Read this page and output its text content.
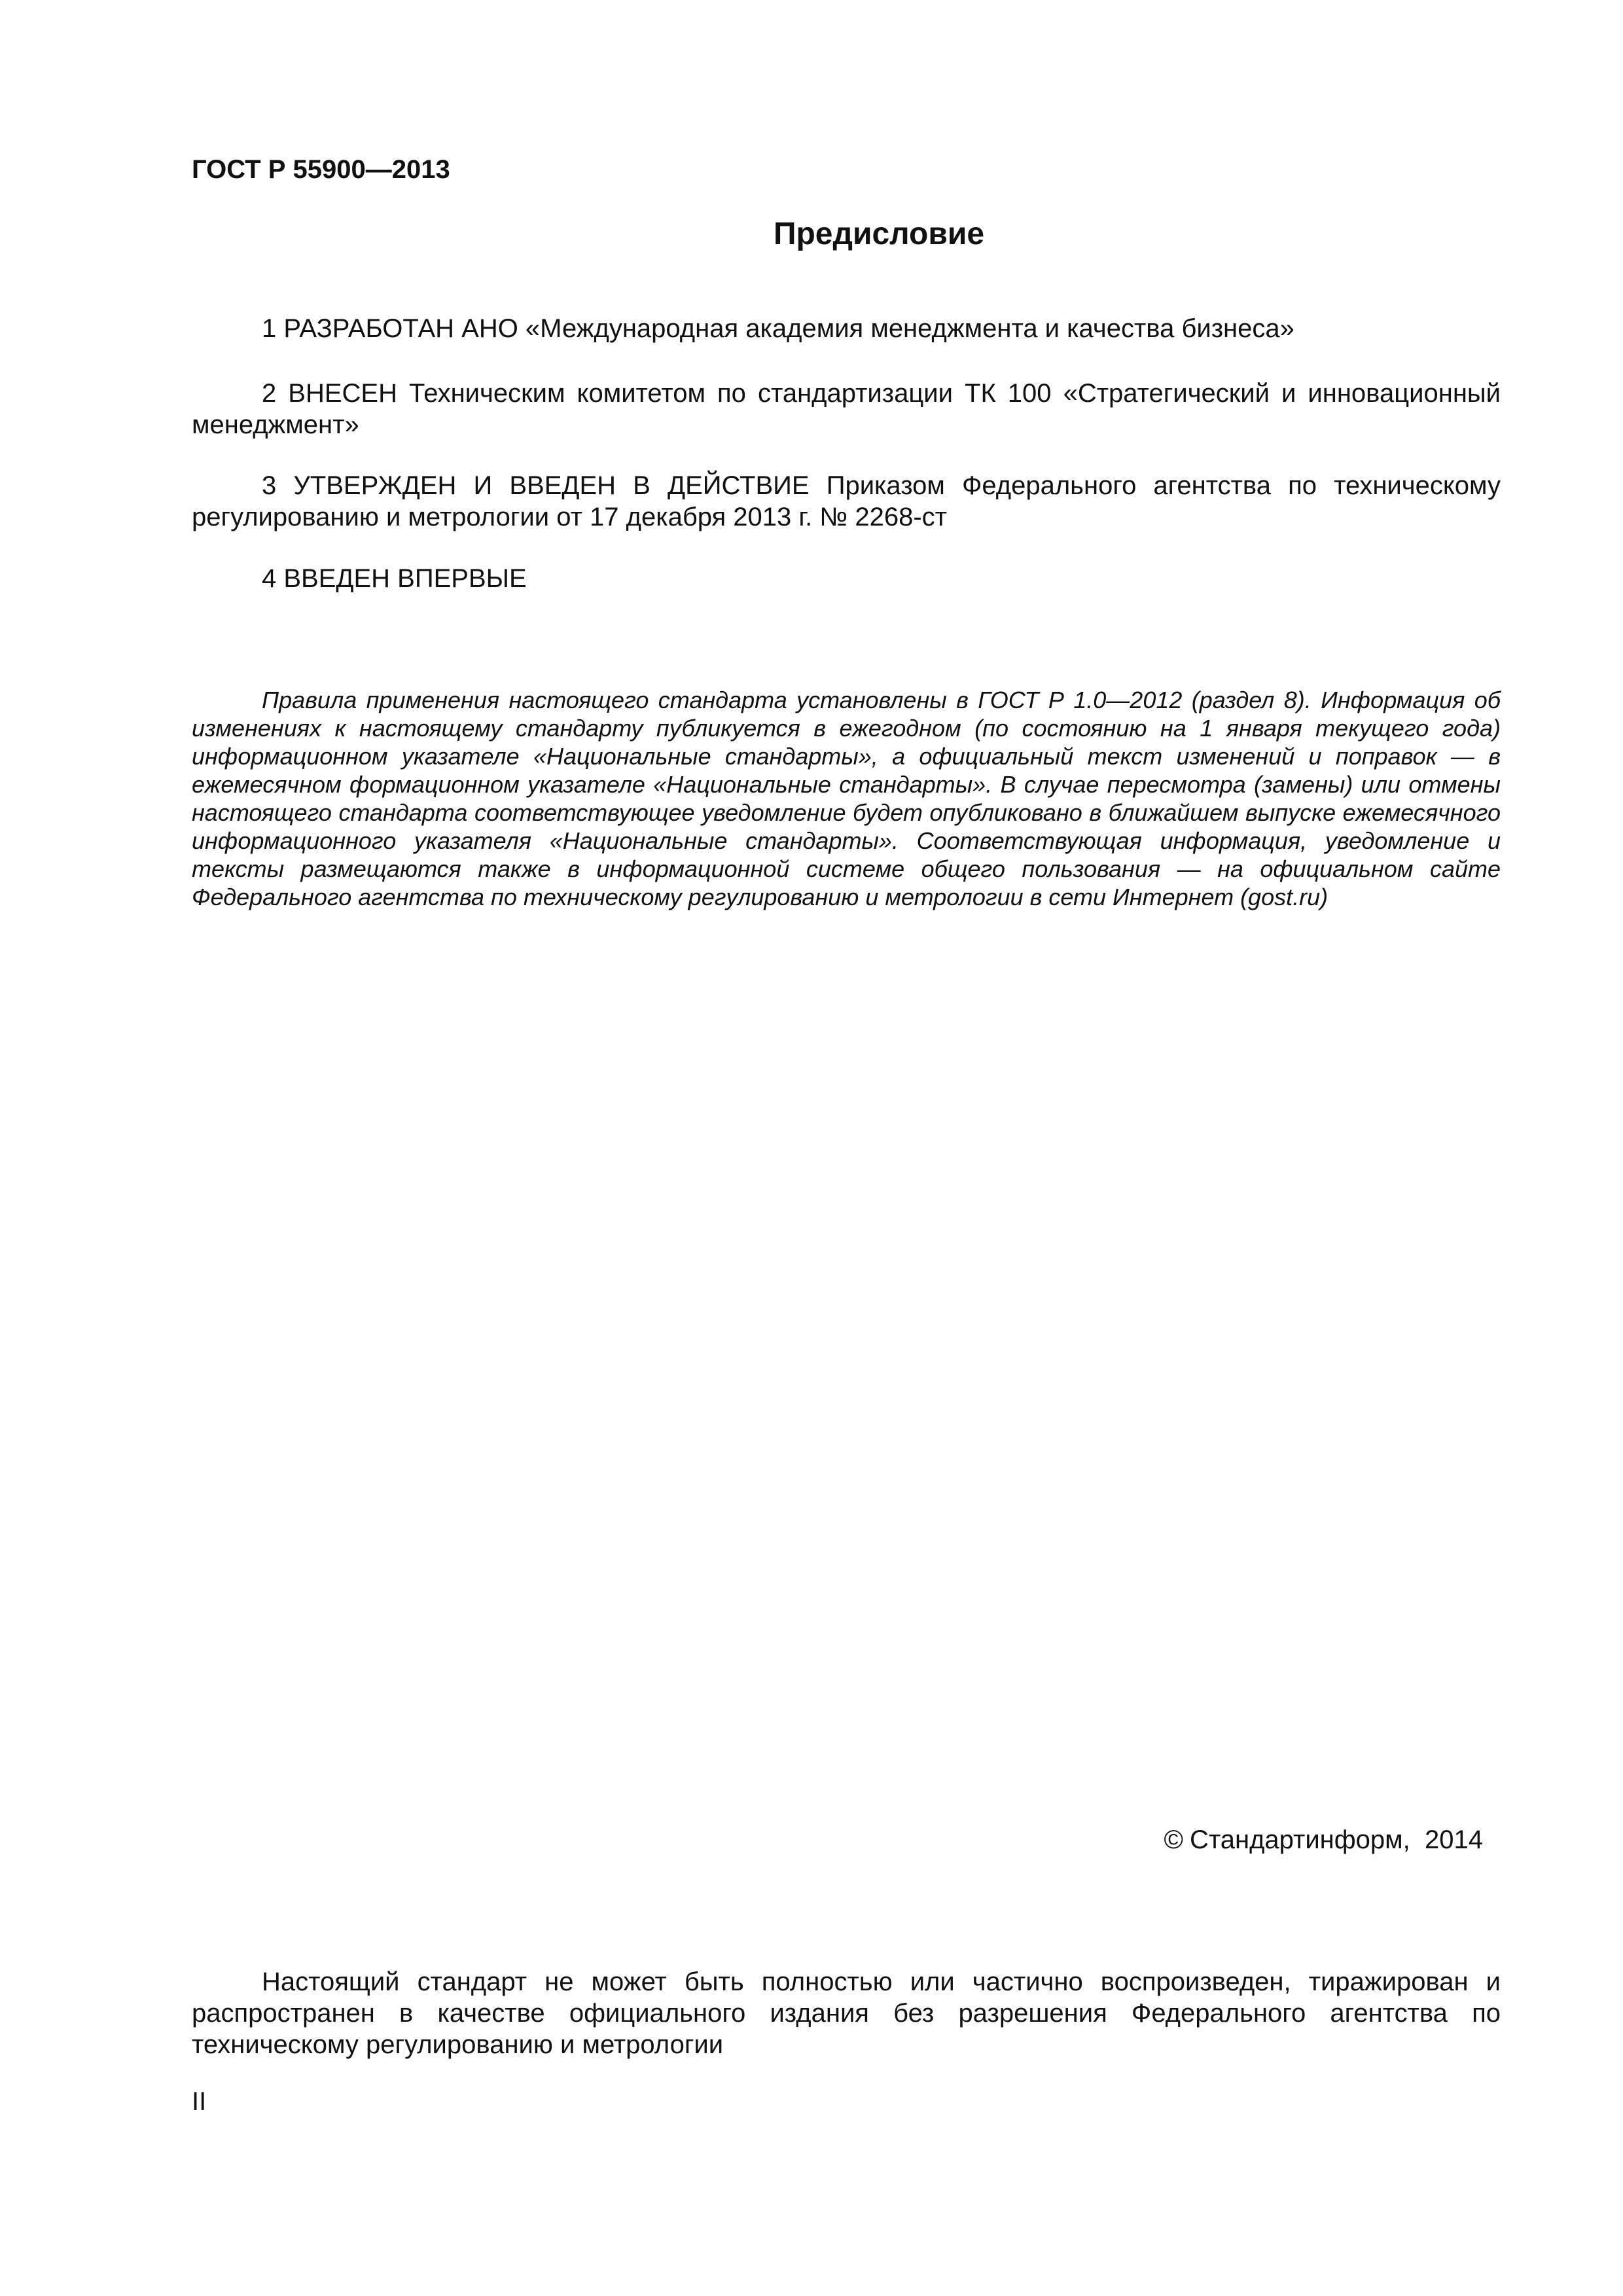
ГОСТ Р 55900—2013
Предисловие

1 РАЗРАБОТАН АНО «Международная академия менеджмента и качества бизнеса»

2 ВНЕСЕН Техническим комитетом по стандартизации ТК 100 «Стратегический и инновационный менеджмент»

3 УТВЕРЖДЕН И ВВЕДЕН В ДЕЙСТВИЕ Приказом Федерального агентства по техническому регулированию и метрологии от 17 декабря 2013 г. № 2268-ст

4 ВВЕДЕН ВПЕРВЫЕ

Правила применения настоящего стандарта установлены в ГОСТ Р 1.0—2012 (раздел 8). Информация об изменениях к настоящему стандарту публикуется в ежегодном (по состоянию на 1 января текущего года) информационном указателе «Национальные стандарты», а официальный текст изменений и поправок — в ежемесячном формационном указателе «Национальные стандарты». В случае пересмотра (замены) или отмены настоящего стандарта соответствующее уведомление будет опубликовано в ближайшем выпуске ежемесячного информационного указателя «Национальные стандарты». Соответствующая информация, уведомление и тексты размещаются также в информационной системе общего пользования — на официальном сайте Федерального агентства по техническому регулированию и метрологии в сети Интернет (gost.ru)

© Стандартинформ,  2014

Настоящий стандарт не может быть полностью или частично воспроизведен, тиражирован и распространен в качестве официального издания без разрешения Федерального агентства по техническому регулированию и метрологии

II
